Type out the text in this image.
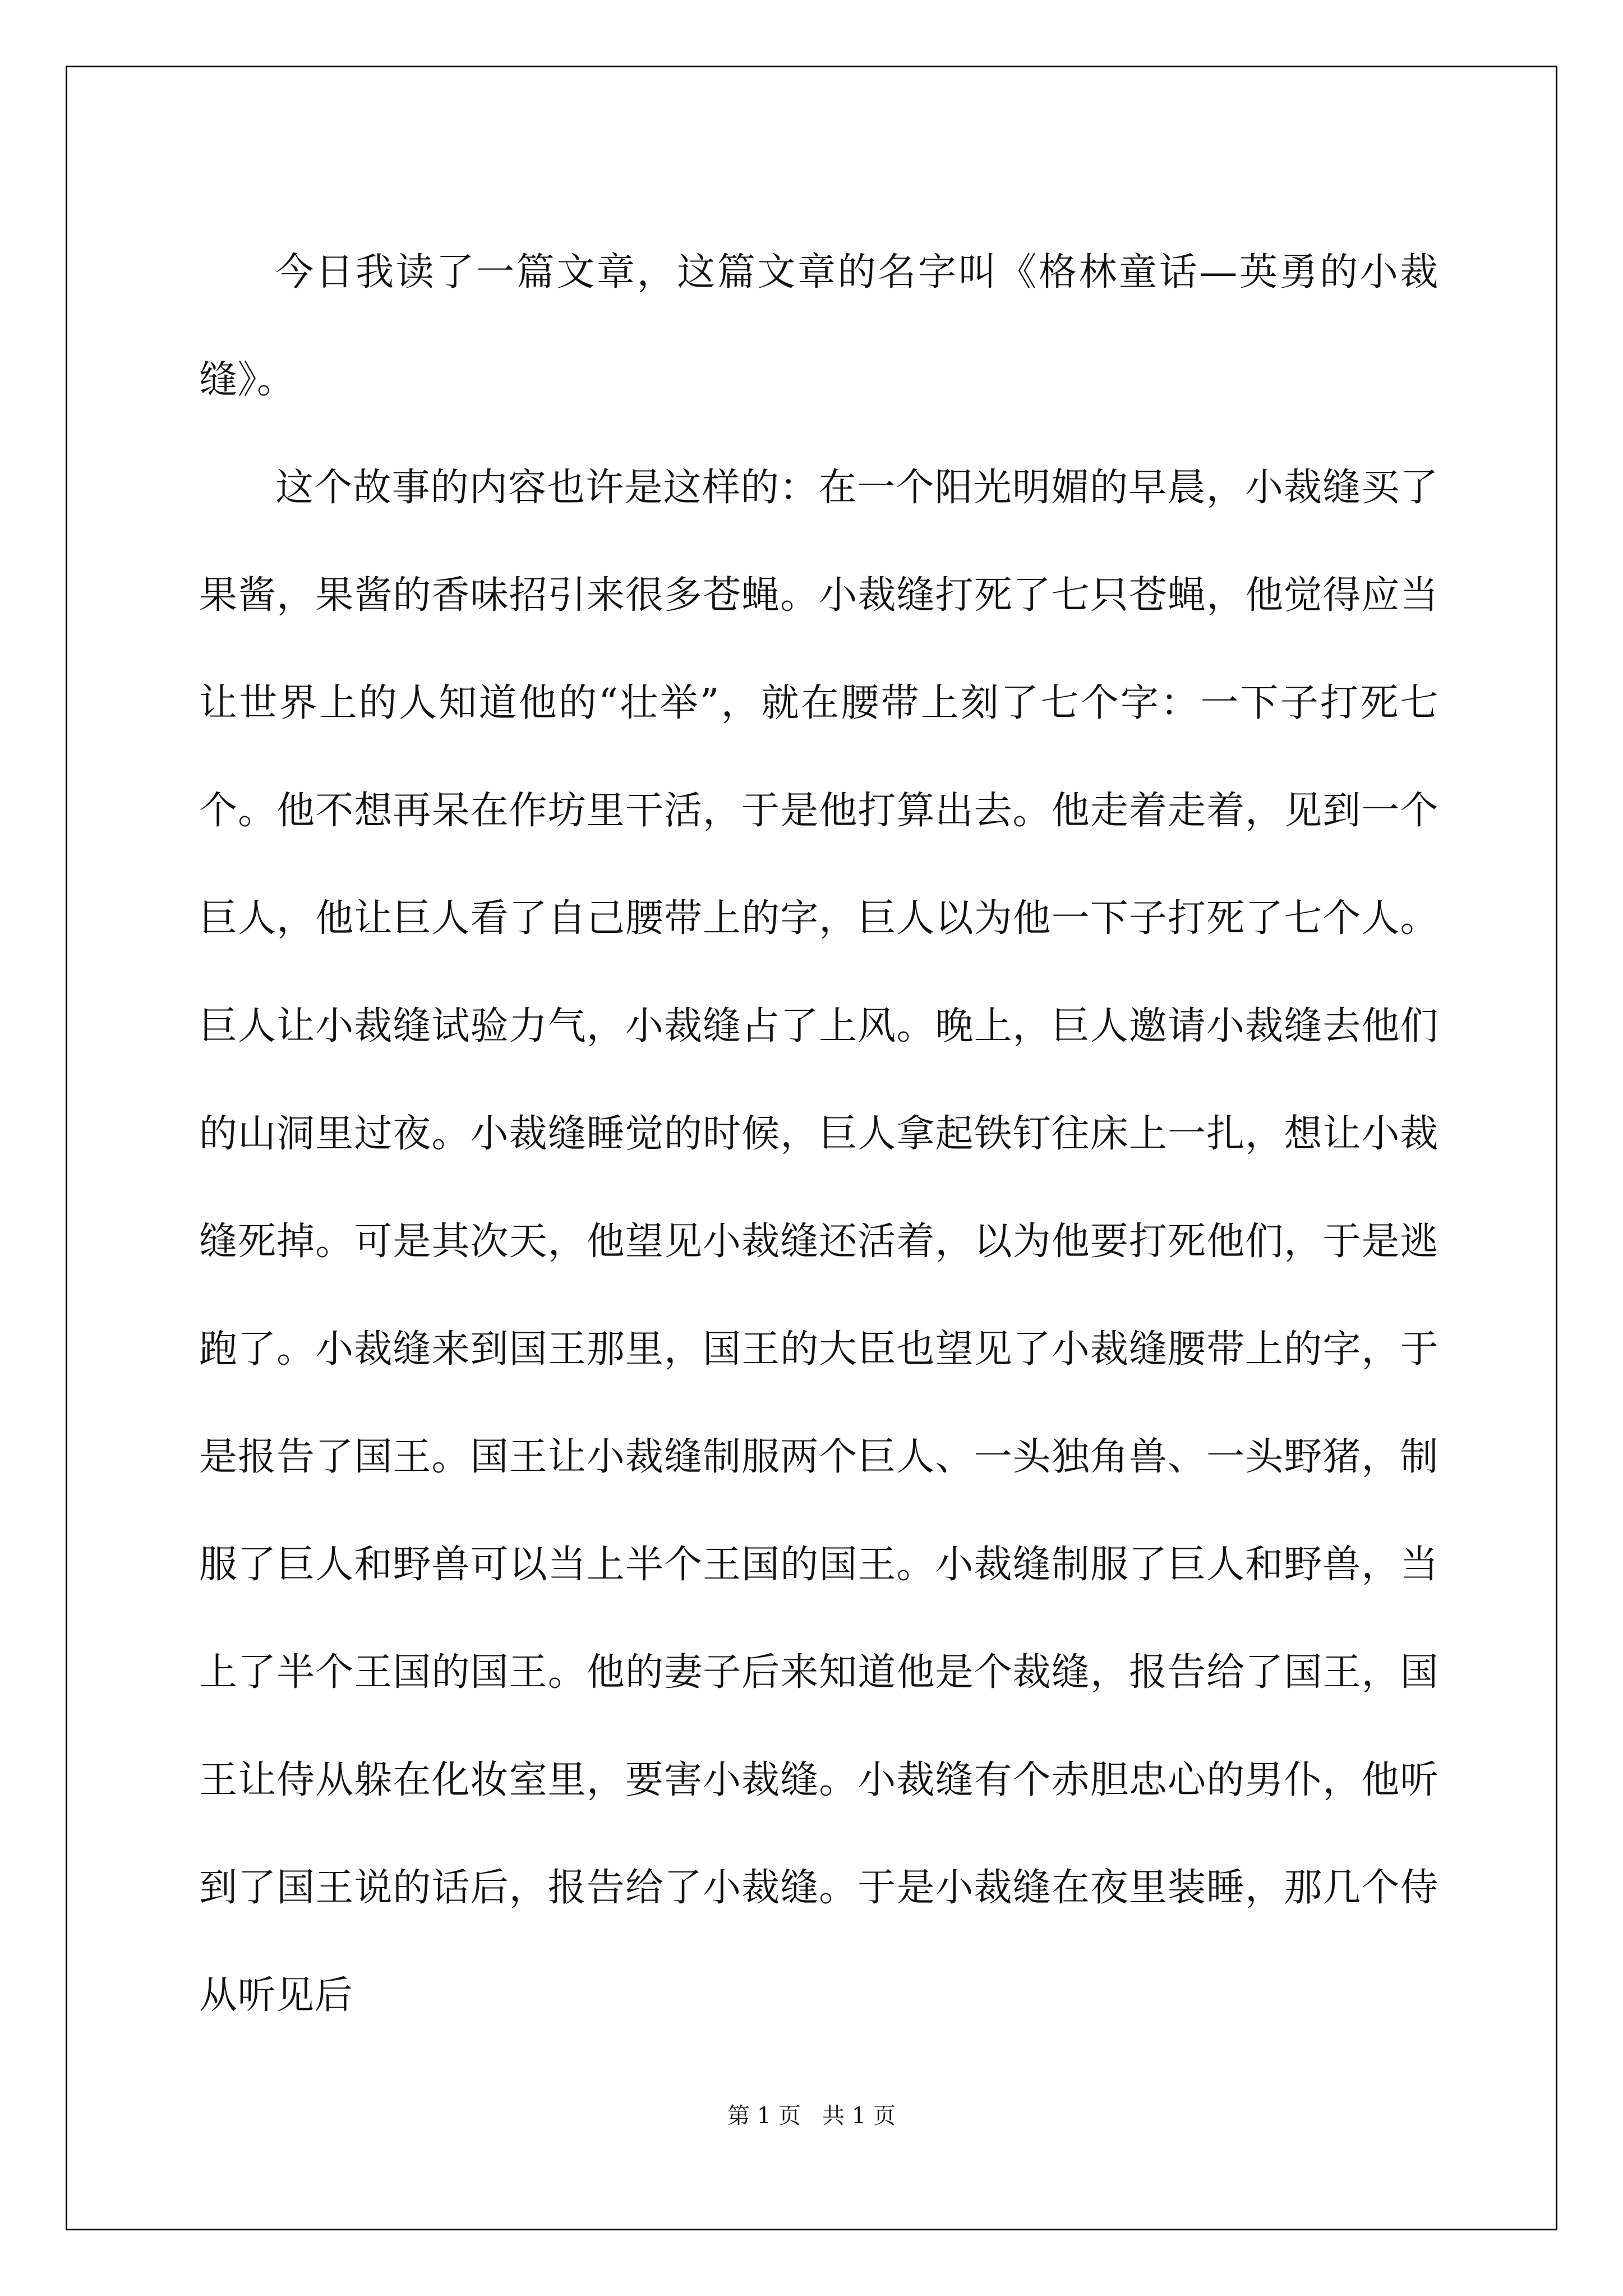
今日我读了一篇文章，这篇文章的名字叫《格林童话—英勇的小裁缝》。

这个故事的内容也许是这样的：在一个阳光明媚的早晨，小裁缝买了果酱，果酱的香味招引来很多苍蝇。小裁缝打死了七只苍蝇，他觉得应当让世界上的人知道他的“壮举”，就在腰带上刻了七个字：一下子打死七个。他不想再呆在作坊里干活，于是他打算出去。他走着走着，见到一个巨人，他让巨人看了自己腰带上的字，巨人以为他一下子打死了七个人。巨人让小裁缝试验力气，小裁缝占了上风。晚上，巨人邀请小裁缝去他们的山洞里过夜。小裁缝睡觉的时候，巨人拿起铁钉往床上一扎，想让小裁缝死掉。可是其次天，他望见小裁缝还活着，以为他要打死他们，于是逃跑了。小裁缝来到国王那里，国王的大臣也望见了小裁缝腰带上的字，于是报告了国王。国王让小裁缝制服两个巨人、一头独角兽、一头野猪，制服了巨人和野兽可以当上半个王国的国王。小裁缝制服了巨人和野兽，当上了半个王国的国王。他的妻子后来知道他是个裁缝，报告给了国王，国王让侍从躲在化妆室里，要害小裁缝。小裁缝有个赤胆忠心的男仆，他听到了国王说的话后，报告给了小裁缝。于是小裁缝在夜里装睡，那几个侍从听见后

第 1 页   共 1 页
